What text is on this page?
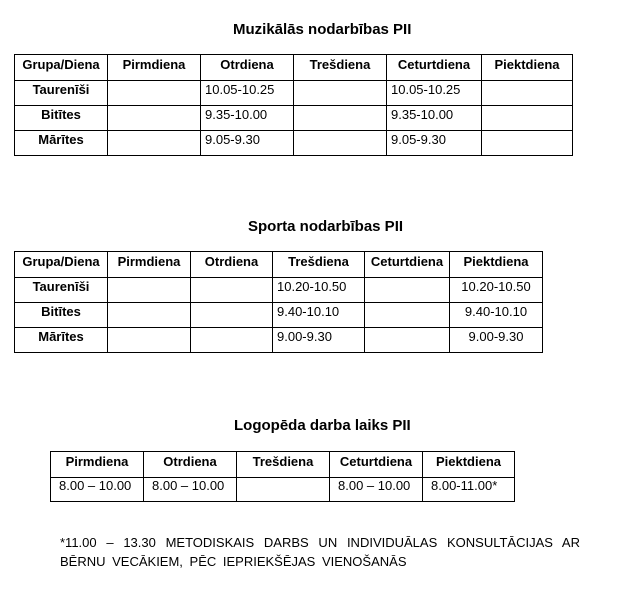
Muzikālās nodarbības PII
Grupa/Diena	Pirmdiena	Otrdiena	Trešdiena	Ceturtdiena	Piektdiena
Taurenīši		10.05-10.25		10.05-10.25	
Bitītes		9.35-10.00		9.35-10.00	
Mārītes		9.05-9.30		9.05-9.30	
Sporta nodarbības PII
Grupa/Diena	Pirmdiena	Otrdiena	Trešdiena	Ceturtdiena	Piektdiena
Taurenīši			10.20-10.50		10.20-10.50
Bitītes			9.40-10.10		9.40-10.10
Mārītes			9.00-9.30		9.00-9.30
Logopēda darba laiks PII
Pirmdiena	Otrdiena	Trešdiena	Ceturtdiena	Piektdiena
8.00 – 10.00	8.00 – 10.00		8.00 – 10.00	8.00-11.00*
*11.00 – 13.30 METODISKAIS DARBS UN INDIVIDUĀLAS KONSULTĀCIJAS AR BĒRNU VECĀKIEM, PĒC IEPRIEKŠĒJAS VIENOŠANĀS
